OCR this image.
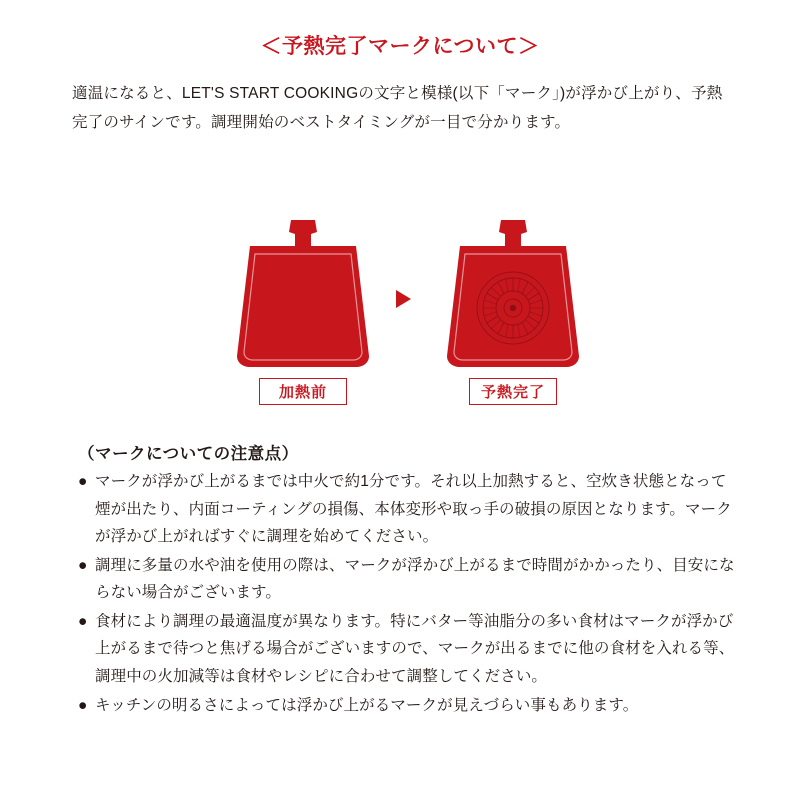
＜予熱完了マークについて＞
適温になると、LET'S START COOKINGの文字と模様(以下「マーク」)が浮かび上がり、予熱完了のサインです。調理開始のベストタイミングが一目で分かります。
加熱前	予熱完了
（マークについての注意点）
● マークが浮かび上がるまでは中火で約1分です。それ以上加熱すると、空炊き状態となって煙が出たり、内面コーティングの損傷、本体変形や取っ手の破損の原因となります。マークが浮かび上がればすぐに調理を始めてください。
● 調理に多量の水や油を使用の際は、マークが浮かび上がるまで時間がかかったり、目安にならない場合がございます。
● 食材により調理の最適温度が異なります。特にバター等油脂分の多い食材はマークが浮かび上がるまで待つと焦げる場合がございますので、マークが出るまでに他の食材を入れる等、調理中の火加減等は食材やレシピに合わせて調整してください。
● キッチンの明るさによっては浮かび上がるマークが見えづらい事もあります。
